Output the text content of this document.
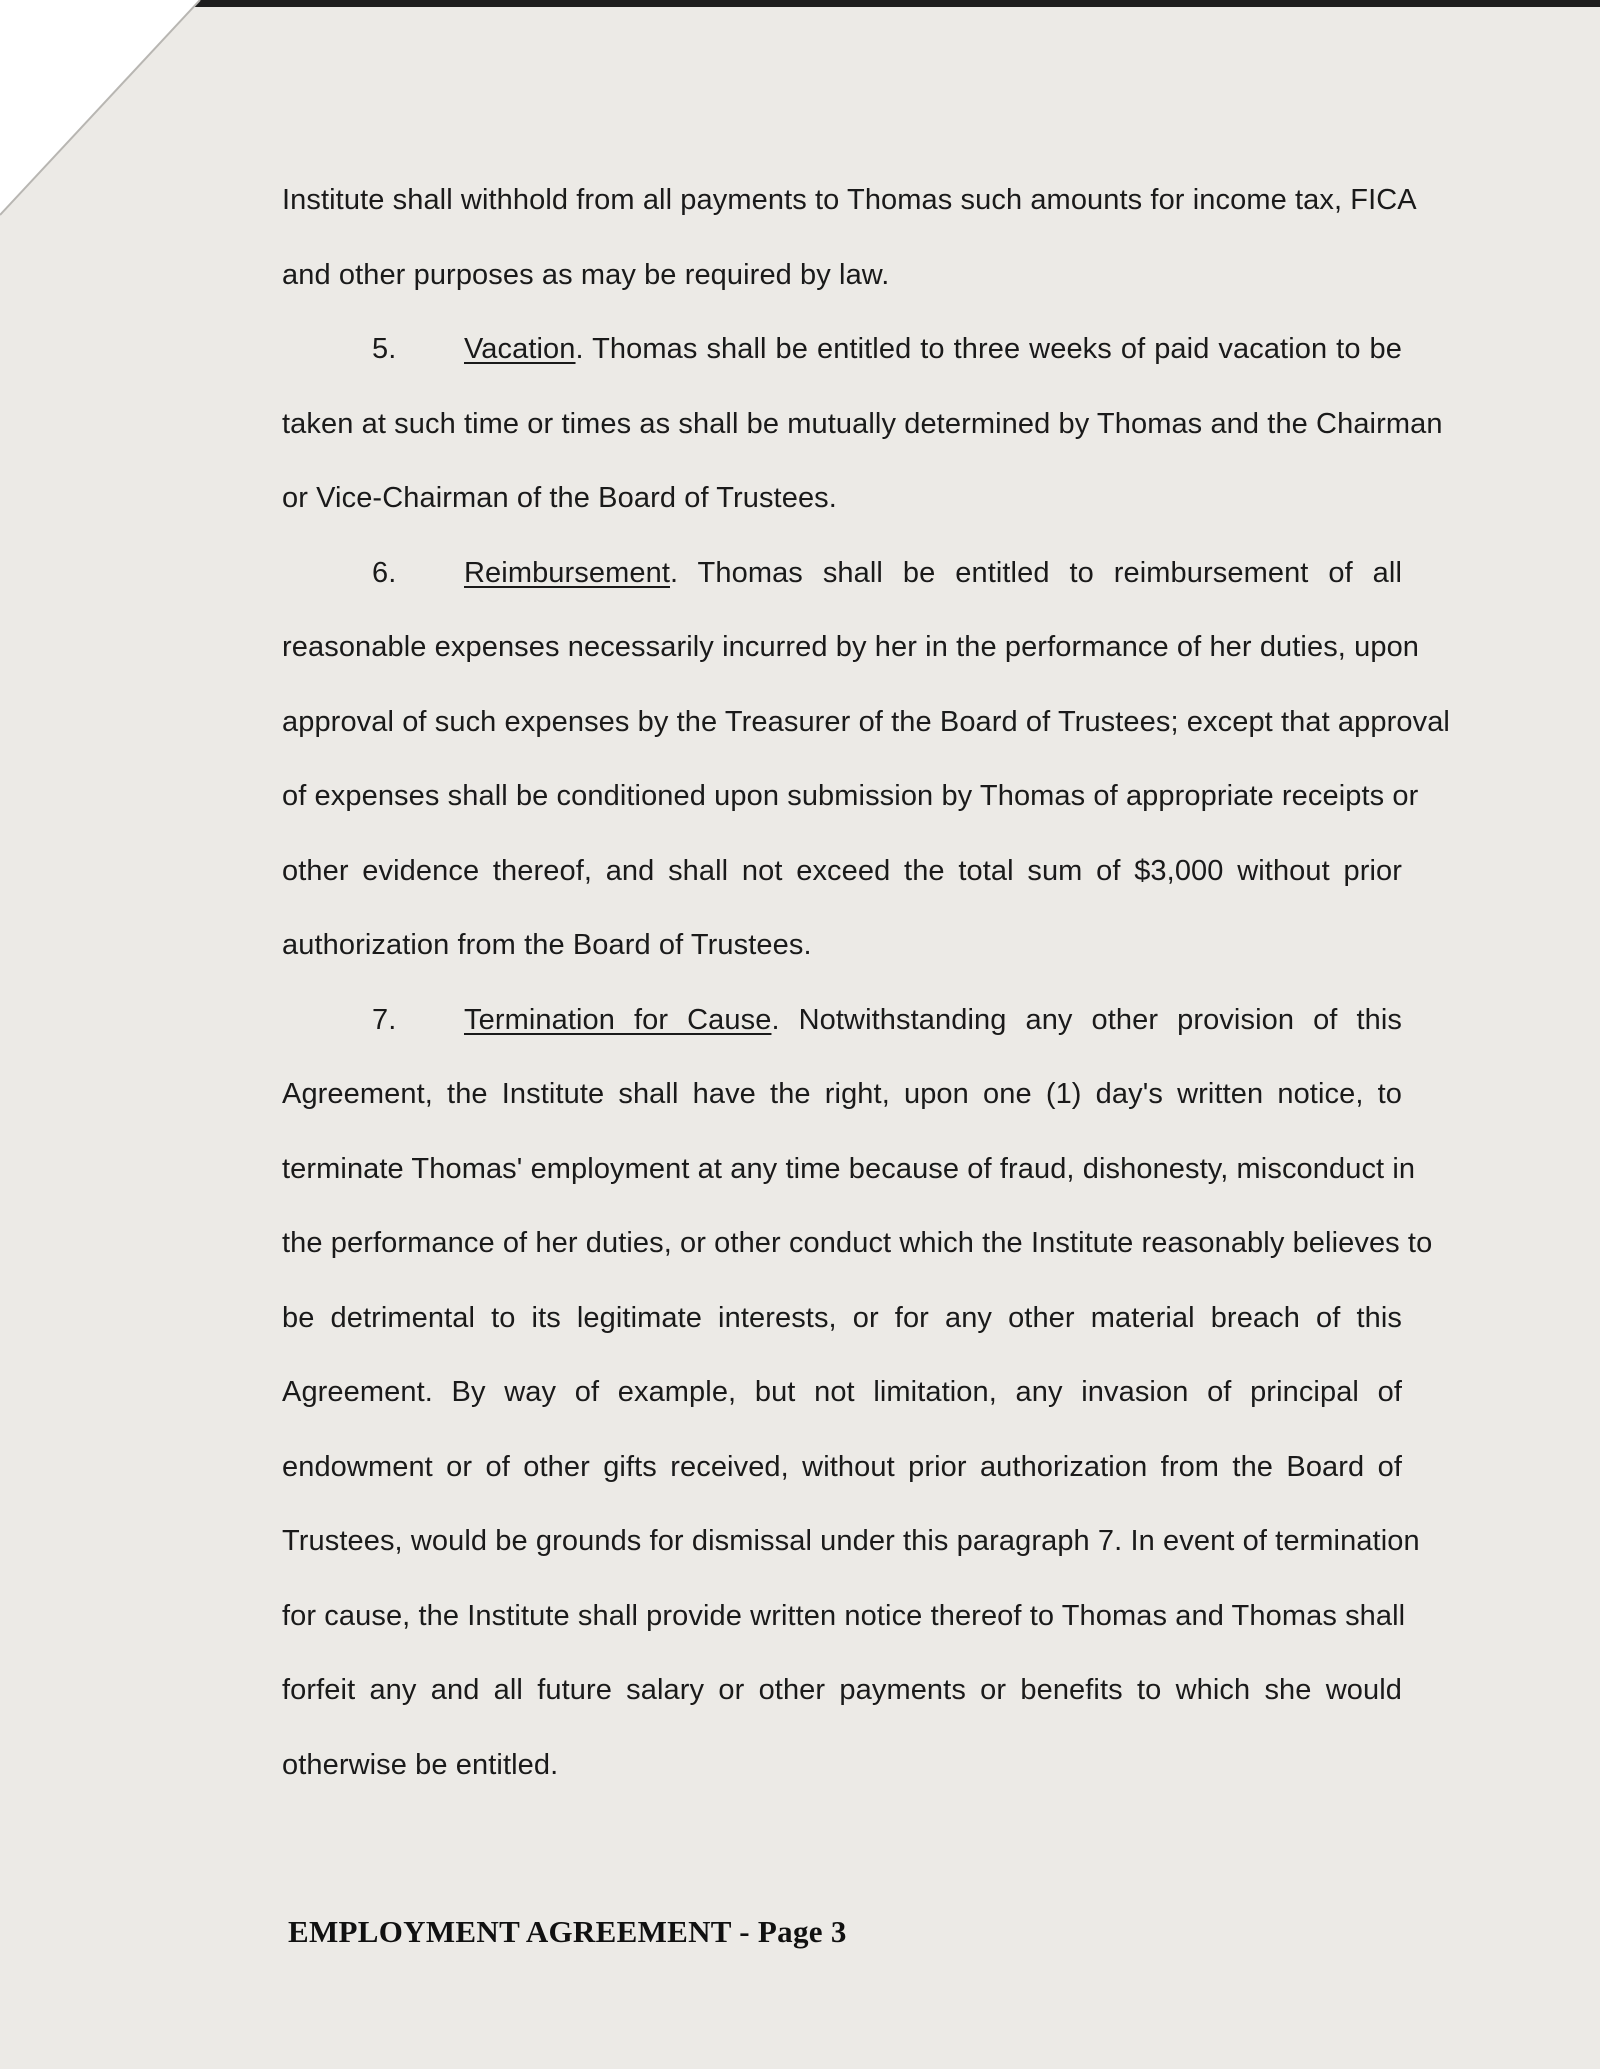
Institute shall withhold from all payments to Thomas such amounts for income tax, FICA
and other purposes as may be required by law.
5. Vacation. Thomas shall be entitled to three weeks of paid vacation to be
taken at such time or times as shall be mutually determined by Thomas and the Chairman
or Vice-Chairman of the Board of Trustees.
6. Reimbursement. Thomas shall be entitled to reimbursement of all
reasonable expenses necessarily incurred by her in the performance of her duties, upon
approval of such expenses by the Treasurer of the Board of Trustees; except that approval
of expenses shall be conditioned upon submission by Thomas of appropriate receipts or
other evidence thereof, and shall not exceed the total sum of $3,000 without prior
authorization from the Board of Trustees.
7. Termination for Cause. Notwithstanding any other provision of this
Agreement, the Institute shall have the right, upon one (1) day's written notice, to
terminate Thomas' employment at any time because of fraud, dishonesty, misconduct in
the performance of her duties, or other conduct which the Institute reasonably believes to
be detrimental to its legitimate interests, or for any other material breach of this
Agreement. By way of example, but not limitation, any invasion of principal of
endowment or of other gifts received, without prior authorization from the Board of
Trustees, would be grounds for dismissal under this paragraph 7. In event of termination
for cause, the Institute shall provide written notice thereof to Thomas and Thomas shall
forfeit any and all future salary or other payments or benefits to which she would
otherwise be entitled.
EMPLOYMENT AGREEMENT - Page 3
